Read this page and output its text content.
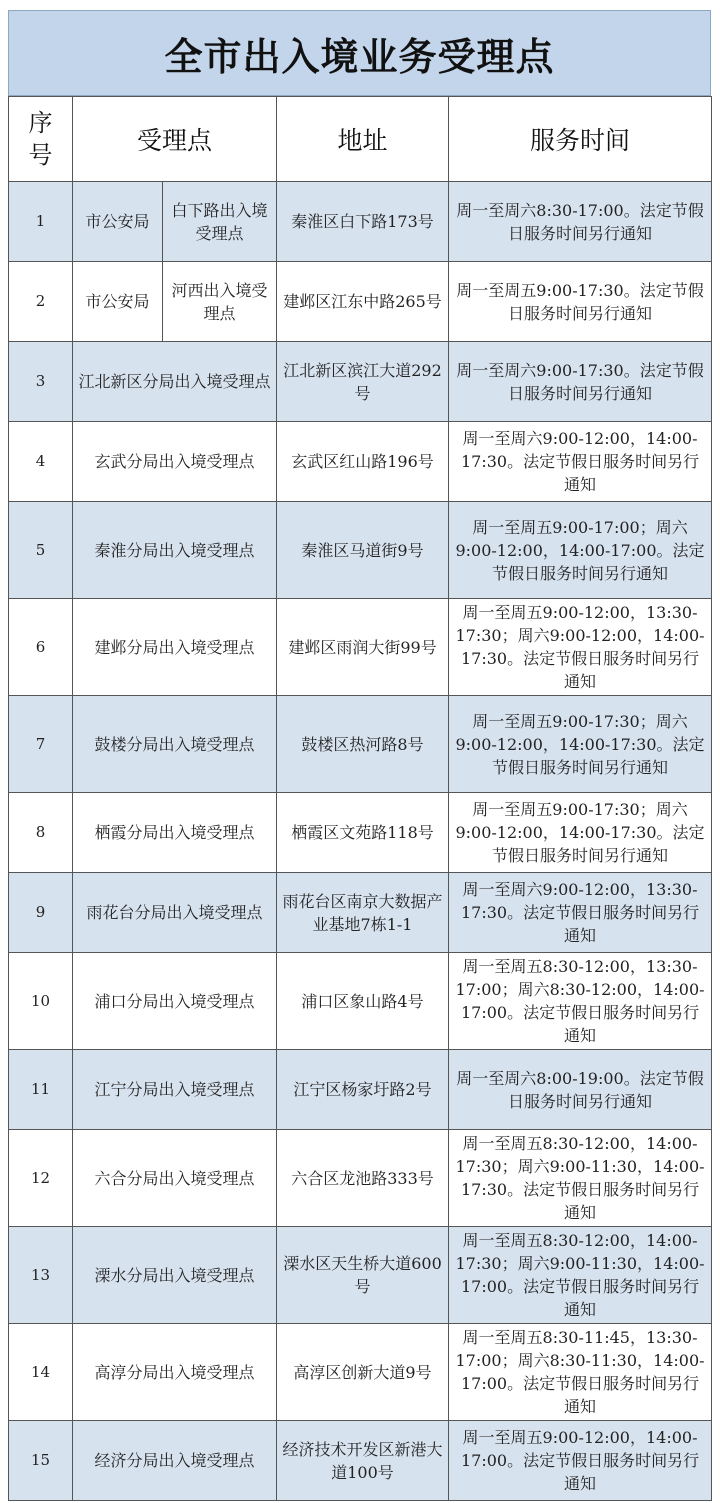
全市出入境业务受理点
序号	受理点		地址	服务时间
1	市公安局	白下路出入境受理点	秦淮区白下路173号	周一至周六8:30-17:00。法定节假日服务时间另行通知
2	市公安局	河西出入境受理点	建邺区江东中路265号	周一至周五9:00-17:30。法定节假日服务时间另行通知
3	江北新区分局出入境受理点		江北新区滨江大道292号	周一至周六9:00-17:30。法定节假日服务时间另行通知
4	玄武分局出入境受理点		玄武区红山路196号	周一至周六9:00-12:00，14:00-17:30。法定节假日服务时间另行通知
5	秦淮分局出入境受理点		秦淮区马道街9号	周一至周五9:00-17:00；周六9:00-12:00，14:00-17:00。法定节假日服务时间另行通知
6	建邺分局出入境受理点		建邺区雨润大街99号	周一至周五9:00-12:00，13:30-17:30；周六9:00-12:00，14:00-17:30。法定节假日服务时间另行通知
7	鼓楼分局出入境受理点		鼓楼区热河路8号	周一至周五9:00-17:30；周六9:00-12:00，14:00-17:30。法定节假日服务时间另行通知
8	栖霞分局出入境受理点		栖霞区文苑路118号	周一至周五9:00-17:30；周六9:00-12:00，14:00-17:30。法定节假日服务时间另行通知
9	雨花台分局出入境受理点		雨花台区南京大数据产业基地7栋1-1	周一至周六9:00-12:00，13:30-17:30。法定节假日服务时间另行通知
10	浦口分局出入境受理点		浦口区象山路4号	周一至周五8:30-12:00，13:30-17:00；周六8:30-12:00，14:00-17:00。法定节假日服务时间另行通知
11	江宁分局出入境受理点		江宁区杨家圩路2号	周一至周六8:00-19:00。法定节假日服务时间另行通知
12	六合分局出入境受理点		六合区龙池路333号	周一至周五8:30-12:00，14:00-17:30；周六9:00-11:30，14:00-17:30。法定节假日服务时间另行通知
13	溧水分局出入境受理点		溧水区天生桥大道600号	周一至周五8:30-12:00，14:00-17:30；周六9:00-11:30，14:00-17:00。法定节假日服务时间另行通知
14	高淳分局出入境受理点		高淳区创新大道9号	周一至周五8:30-11:45，13:30-17:00；周六8:30-11:30，14:00-17:00。法定节假日服务时间另行通知
15	经济分局出入境受理点		经济技术开发区新港大道100号	周一至周五9:00-12:00，14:00-17:00。法定节假日服务时间另行通知
